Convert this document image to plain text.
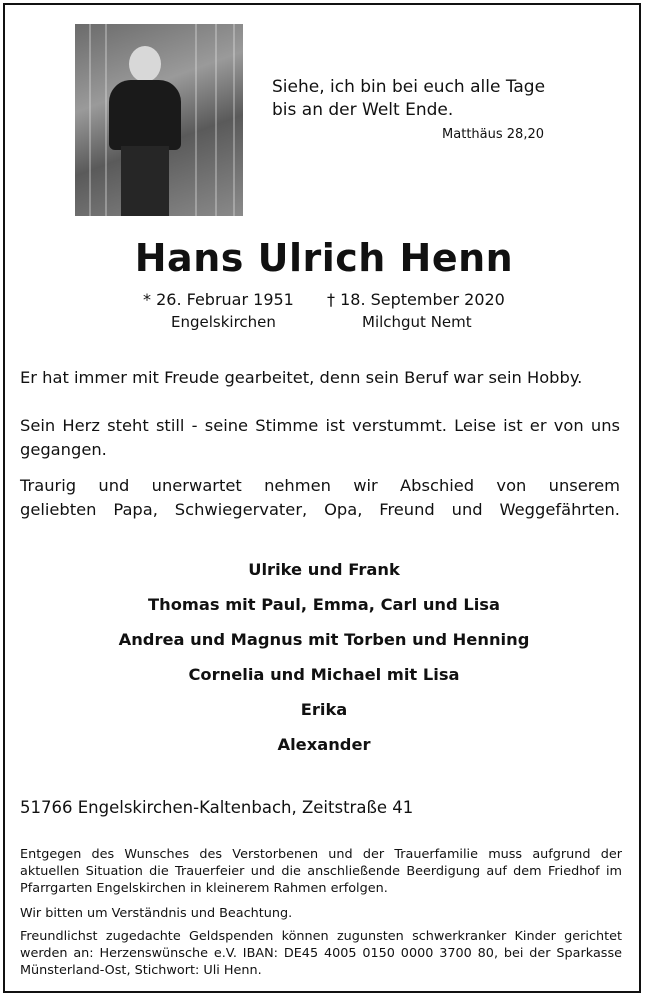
Siehe, ich bin bei euch alle Tage
bis an der Welt Ende.
Matthäus 28,20
Hans Ulrich Henn
* 26. Februar 1951
Engelskirchen
† 18. September 2020
Milchgut Nemt
Er hat immer mit Freude gearbeitet, denn sein Beruf war sein Hobby.
Sein Herz steht still - seine Stimme ist verstummt. Leise ist er von uns gegangen.
Traurig und unerwartet nehmen wir Abschied von unserem
geliebten Papa, Schwiegervater, Opa, Freund und Weggefährten.
Ulrike und Frank
Thomas mit Paul, Emma, Carl und Lisa
Andrea und Magnus mit Torben und Henning
Cornelia und Michael mit Lisa
Erika
Alexander
51766 Engelskirchen-Kaltenbach, Zeitstraße 41
Entgegen des Wunsches des Verstorbenen und der Trauerfamilie muss aufgrund der aktuellen Situation die Trauerfeier und die anschließende Beerdigung auf dem Friedhof im Pfarrgarten Engelskirchen in kleinerem Rahmen erfolgen.
Wir bitten um Verständnis und Beachtung.
Freundlichst zugedachte Geldspenden können zugunsten schwerkranker Kinder gerichtet werden an: Herzenswünsche e.V. IBAN: DE45 4005 0150 0000 3700 80, bei der Sparkasse Münsterland-Ost, Stichwort: Uli Henn.
